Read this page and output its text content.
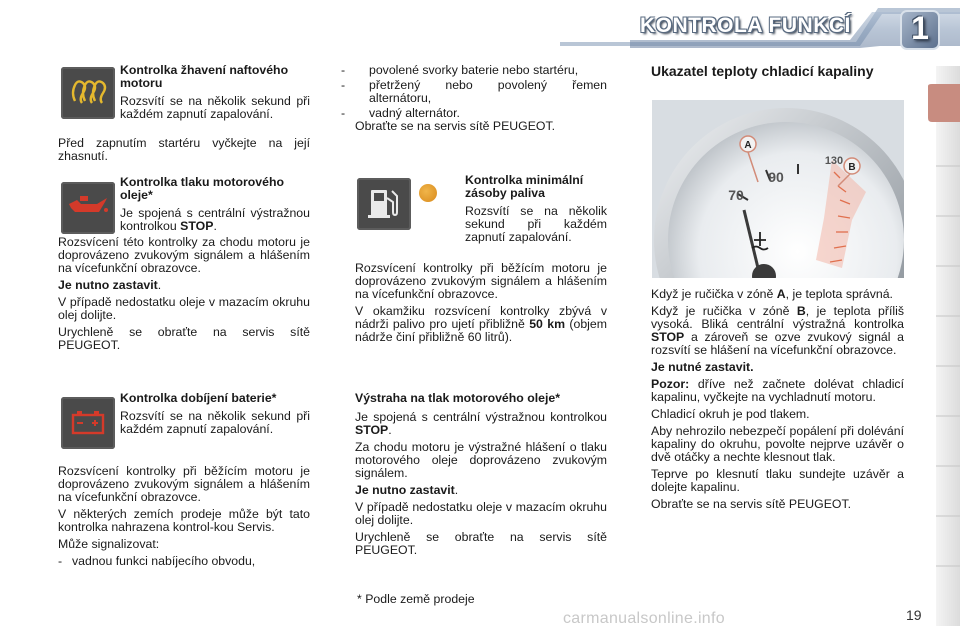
KONTROLA FUNKCÍ	1
Kontrolka žhavení naftového motoru

Rozsvítí se na několik sekund při každém zapnutí zapalování.

Před zapnutím startéru vyčkejte na její zhasnutí.

Kontrolka tlaku motorového oleje*

Je spojená s centrální výstražnou kontrolkou STOP.

Rozsvícení této kontrolky za chodu motoru je doprovázeno zvukovým signálem a hlášením na vícefunkční obrazovce.

Je nutno zastavit.

V případě nedostatku oleje v mazacím okruhu olej dolijte.

Urychleně se obraťte na servis sítě PEUGEOT.

Kontrolka dobíjení baterie*

Rozsvítí se na několik sekund při každém zapnutí zapalování.

Rozsvícení kontrolky při běžícím motoru je doprovázeno zvukovým signálem a hlášením na vícefunkční obrazovce.

V některých zemích prodeje může být tato kontrolka nahrazena kontrol-kou Servis.

Může signalizovat:

- vadnou funkci nabíjecího obvodu,

- povolené svorky baterie nebo startéru,

- přetržený nebo povolený řemen alternátoru,

- vadný alternátor.

Obraťte se na servis sítě PEUGEOT.

Kontrolka minimální zásoby paliva

Rozsvítí se na několik sekund při každém zapnutí zapalování.

Rozsvícení kontrolky při běžícím motoru je doprovázeno zvukovým signálem a hlášením na vícefunkční obrazovce.

V okamžiku rozsvícení kontrolky zbývá v nádrži palivo pro ujetí přibližně 50 km (objem nádrže činí přibližně 60 litrů).

Výstraha na tlak motorového oleje*

Je spojená s centrální výstražnou kontrolkou STOP.

Za chodu motoru je výstražné hlášení o tlaku motorového oleje doprovázeno zvukovým signálem.

Je nutno zastavit.

V případě nedostatku oleje v mazacím okruhu olej dolijte.

Urychleně se obraťte na servis sítě PEUGEOT.

* Podle země prodeje

Ukazatel teploty chladicí kapaliny
A
B
70
90
130

Když je ručička v zóně A, je teplota správná.

Když je ručička v zóně B, je teplota příliš vysoká. Bliká centrální výstražná kontrolka STOP a zároveň se ozve zvukový signál a rozsvítí se hlášení na vícefunkční obrazovce.

Je nutné zastavit.

Pozor: dříve než začnete dolévat chladicí kapalinu, vyčkejte na vychladnutí motoru.

Chladicí okruh je pod tlakem.

Aby nehrozilo nebezpečí popálení při dolévání kapaliny do okruhu, povolte nejprve uzávěr o dvě otáčky a nechte klesnout tlak.

Teprve po klesnutí tlaku sundejte uzávěr a dolejte kapalinu.

Obraťte se na servis sítě PEUGEOT.

carmanualsonline.info	19
